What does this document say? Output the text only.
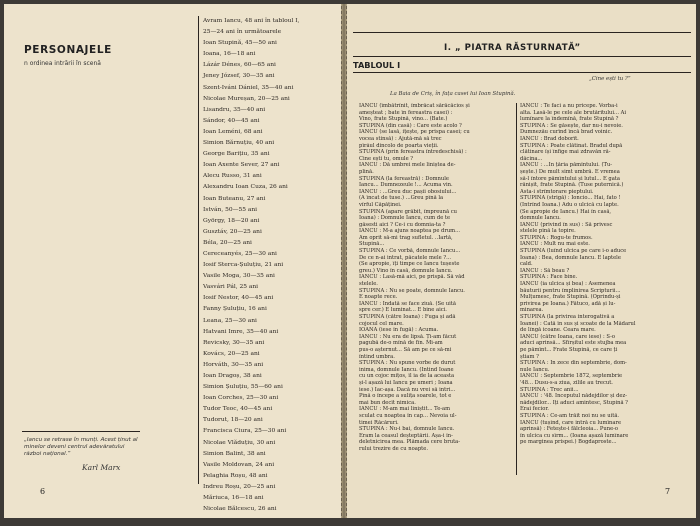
PERSONAJELE
n ordinea intrării în scenă
Avram Iancu, 48 ani în tabloul I,
25—24 ani în următoarele
Ioan Stupină, 45—50 ani
Ioana, 16—18 ani
Lázár Dénes, 60—65 ani
Jeney József, 30—35 ani
Szent-Iváni Dániel, 35—40 ani
Nicolae Mureșan, 20—25 ani
Lisandru, 35—40 ani
Sándor, 40—45 ani
Ioan Leméni, 68 ani
Simion Bărnuțiu, 40 ani
George Barițiu, 35 ani
Ioan Axente Sever, 27 ani
Alecu Russo, 31 ani
Alexandru Ioan Cuza, 26 ani
Ioan Buteanu, 27 ani
István, 50—55 ani
György, 18—20 ani
Gusztáv, 20—25 ani
Béla, 20—25 ani
Cereceanyés, 25—30 ani
Iosif Sterca-Șuluțiu, 21 ani
Vasile Moga, 30—35 ani
Vasvári Pál, 25 ani
Iosif Nestor, 40—45 ani
Fanny Șuluțiu, 16 ani
Leana, 25—30 ani
Hatvani Imre, 35—40 ani
Revicsky, 30—35 ani
Kovács, 20—25 ani
Horváth, 30—35 ani
Ioan Dragoș, 38 ani
Simion Șuluțiu, 55—60 ani
Ioan Corches, 25—30 ani
Tudor Teoc, 40—45 ani
Tudorut, 18—20 ani
Francisca Ciura, 25—30 ani
Nicolae Vlăduțiu, 30 ani
Simion Balint, 38 ani
Vasile Moldovan, 24 ani
Pelaghia Roșu, 48 ani
Indreu Roșu, 20—25 ani
Măriuca, 16—18 ani
Nicolae Bălcescu, 26 ani
„Iancu se retrase în munți. Acest ținut al minelor deveni centrul adevăratului război național.”
Karl Marx
6
I. „ PIATRA RĂSTURNATĂ”
TABLOUL I
„Cine ești tu ?”
La Baia de Criș, în fața casei lui Ioan Stupină.
IANCU (îmbătrînit, îmbrăcat sărăcăcios și
ameșteat ; bate în fereastra casei) :
Vino, frate Stupină, vino... (Bate.)
STUPINĂ (din casă) : Care este acolo ?
IANCU (se lasă, ițește, pe prispa casei; cu
vocea stinsă) : Ajută-mă să trec
pîrâul dincolo de poarta vieții.
STUPINĂ (prin fereastra întredeschisă) :
Cine ești tu, omule ?
IANCU : Dă umbrei mele liniștea de-
plină.
STUPINĂ (la fereastră) : Domnule
Iancu... Dumnezeule !... Acuma vin.
IANCU : ...Greu duc pașii obosiului...
(Ă încat de tuse.) ...Greu pînă la
vîrful Căpăținei.
STUPINĂ (apare grăbit, împreună cu
Ioana) : Domnule Iancu, cum de te
găsesti aici ? Ce-i cu domnia-ta ?
IANCU : M-a ajuns noaptea pe drum...
Am oprit să-mi trag sufletul. ..Iartă,
Stupină...
STUPINĂ : Ce vorbă, domnule Iancu...
De ce n-ai intrat, păcatele mele ?...
(Se apropie, îți timpe ce Iancu tușeste
greu.) Vino în casă, domnule Iancu.
IANCU : Lasă-mă aici, pe prispă. Să văd
stelele.
STUPINĂ : Nu se poate, domnule Iancu.
E noapte rece.
IANCU : Indată se face ziuă. (Se uită
spre cer.) E luminat... E bine aici.
STUPINĂ (către Ioana) : Fuga și adă
cojocul cel mare.
IOANA (iese în fugă) : Acuma.
IANCU : Nu era de lipsă. Ți-am făcut
pagubă de-o mînă de fîn. Mi-am
pus-o așternut... Să am pe ce să-mi
întind umbra.
STUPINĂ : Nu spune vorbe de durut
inima, domnule Iancu. (Intind Ioane
cu un cojoc mițos, îl ia de la aceasta
și-l așază lui Iancu pe umeri ; Ioana
iese.) Iac-așa. Dacă nu vrei să intri...
Pînă o începe a sulița soarele, tot e
mai bun decît nimica.
IANCU : M-am mai liniștit... Te-am
sculat cu noaptea în cap... Nevoia ul-
timei Răcăruri.
STUPINĂ : Nu-i bai, domnule Iancu.
Eram la ceasul deșteptării. Așa-i în-
deletnicirea mea. Plămada cere bruta-
rului trezire de cu noapte.
IANCU : Te faci a nu pricepe. Vorba-i
alta. Lasă-le pe cele ale brutăritului... Ai
lumînare la îndemînă, frate Stupină ?
STUPINĂ : Se găsește, dar nu-i nevoie.
Dumnezău curînd încă brad voinic.
IANCU : Brad doborît.
STUPINĂ : Poate clătinat. Bradul după
clătinare își înfige mai zdravăn ră-
dăcina...
IANCU : ...În țăria pămîntului. (Tu-
șește.) De mult simt umbră. E vremea
să-l întore pămîntului și lutul... E gata
rănișit, frate Stupină. (Tuse puternică.)
Asta-i strîmtorare pieptului.
STUPINĂ (strigă) : Ioncio... Hai, fato !
(Intrînd Ioana.) Adu o ulcică cu lapte.
(Se apropie de Iancu.) Hai în casă,
domnule Iancu.
IANCU (privind în sus) : Să privesc
stelele pînă la topire.
STUPINĂ : Rogu-te frumos.
IANCU : Mult nu mai este.
STUPINĂ (luînd ulcica pe care i-o aduce
Ioana) : Bea, domnule Iancu. E laptele
cald.
IANCU : Să beau ?
STUPINĂ : Face bine.
IANCU (ia ulcica și bea) : Asemenea
băuturii pentru împlinirea Scripturii...
Mulțumesc, frate Stupină. (Oprindu-și
privirea pe Ioana.) Fătuco, adă și lu-
minarea.
STUPINĂ (la privirea interogativă a
Ioanei) : Cată în sus și scoate de la Mădarul
de lîngă icoane. Ceara mare.
IANCU (către Ioana, care iese) : S-o
aduci aprinsă... Sfîrșitul este stujba mea
pe pămînt... Frate Stupină, ce care ți
știam ?
STUPINĂ : În zece din septembrie, dom-
nule Iancu.
IANCU : Septembrie 1872, septembrie
'48... Dusu-s-a ziua, zilile au trecut.
STUPINĂ : Trec anii...
IANCU : '48. Începutul nădejdilor și dez-
nădejdilor... Îți aduci amintesc, Stupină ?
Erai fecior.
STUPINĂ : Ce-am trăit noi nu se uită.
IANCU (tușind, care intră cu lumînare
aprinsă) : Fetește-i fălcleoia... Pune-o
în ulcica cu sîrm... (Ioana așază lumînare
pe marginea prispei.) Bogdaproste...
7
